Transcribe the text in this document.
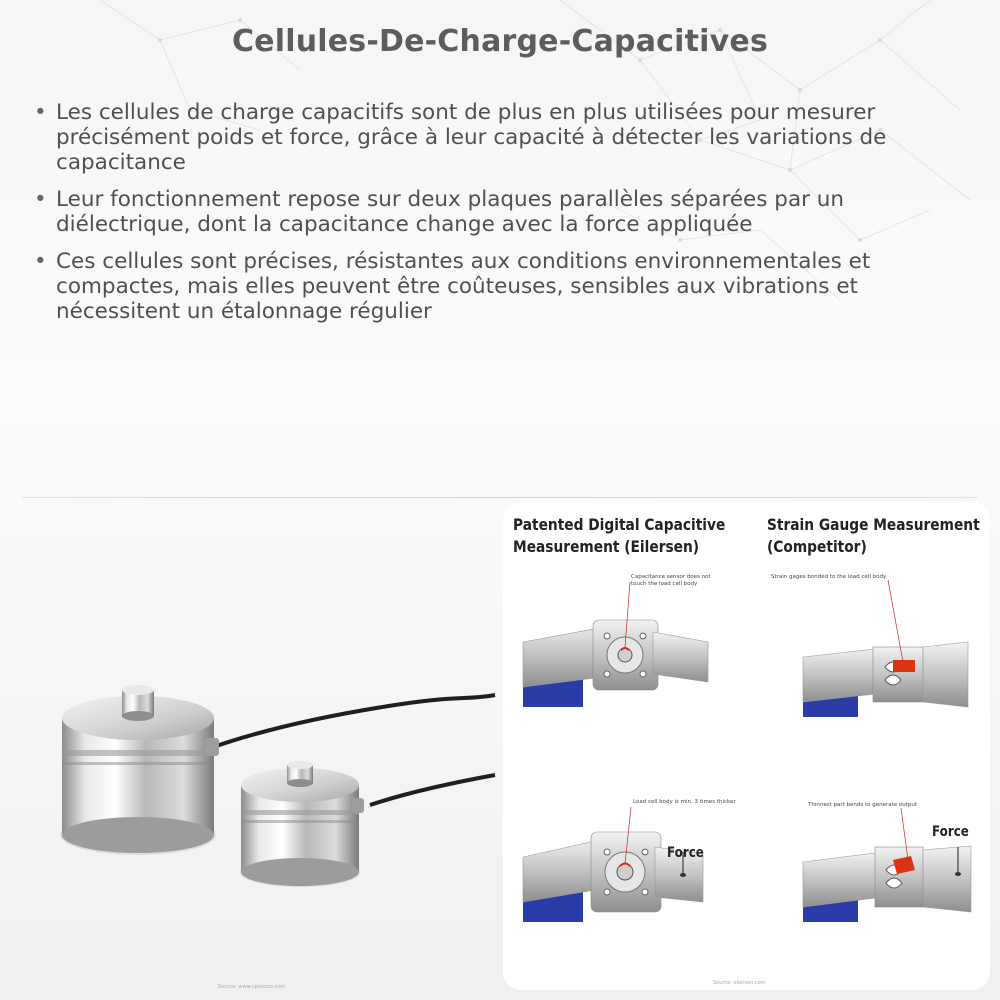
Cellules-De-Charge-Capacitives

• Les cellules de charge capacitifs sont de plus en plus utilisées pour mesurer précisément poids et force, grâce à leur capacité à détecter les variations de capacitance

• Leur fonctionnement repose sur deux plaques parallèles séparées par un diélectrique, dont la capacitance change avec la force appliquée

• Ces cellules sont précises, résistantes aux conditions environnementales et compactes, mais elles peuvent être coûteuses, sensibles aux vibrations et nécessitent un étalonnage régulier

Source: www.cpeouco.com
Patented Digital Capacitive
Measurement (Eilersen)
Strain Gauge Measurement
(Competitor)
Capacitance sensor does not touch the load cell body
Strain gages bonded to the load cell body
Load cell body is min. 3 times thicker	Thinnest part bends to generate output
Force
Force
Source: eilersen.com
